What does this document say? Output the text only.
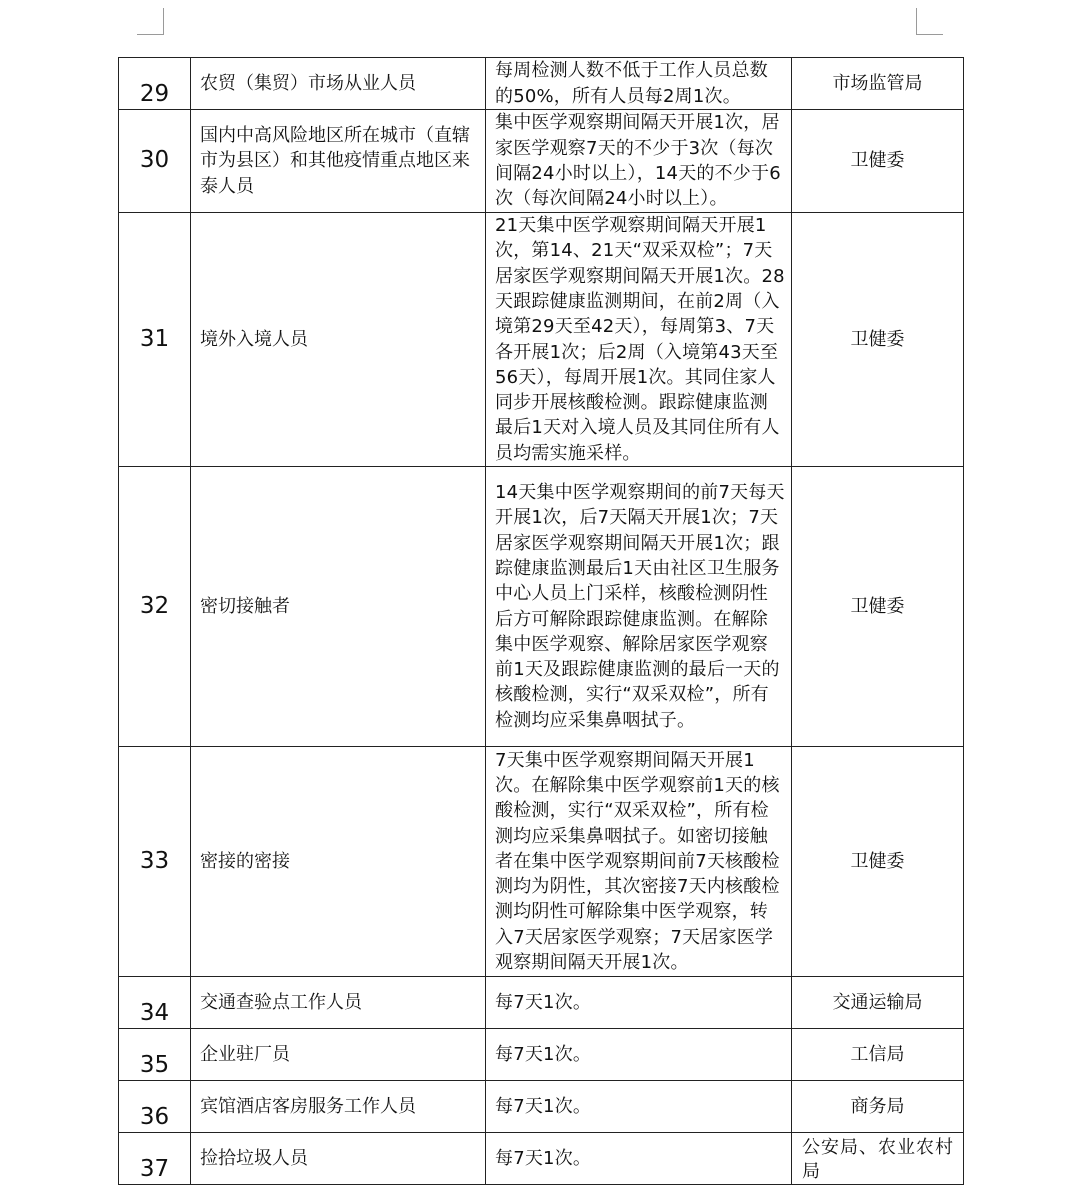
29	农贸（集贸）市场从业人员	每周检测人数不低于工作人员总数的50%，所有人员每2周1次。	市场监管局
30	国内中高风险地区所在城市（直辖市为县区）和其他疫情重点地区来泰人员	集中医学观察期间隔天开展1次，居家医学观察7天的不少于3次（每次间隔24小时以上），14天的不少于6次（每次间隔24小时以上）。	卫健委
31	境外入境人员	21天集中医学观察期间隔天开展1次，第14、21天“双采双检”；7天居家医学观察期间隔天开展1次。28天跟踪健康监测期间，在前2周（入境第29天至42天），每周第3、7天各开展1次；后2周（入境第43天至56天），每周开展1次。其同住家人同步开展核酸检测。跟踪健康监测最后1天对入境人员及其同住所有人员均需实施采样。	卫健委
32	密切接触者	14天集中医学观察期间的前7天每天开展1次，后7天隔天开展1次；7天居家医学观察期间隔天开展1次；跟踪健康监测最后1天由社区卫生服务中心人员上门采样，核酸检测阴性后方可解除跟踪健康监测。在解除集中医学观察、解除居家医学观察前1天及跟踪健康监测的最后一天的核酸检测，实行“双采双检”，所有检测均应采集鼻咽拭子。	卫健委
33	密接的密接	7天集中医学观察期间隔天开展1次。在解除集中医学观察前1天的核酸检测，实行“双采双检”，所有检测均应采集鼻咽拭子。如密切接触者在集中医学观察期间前7天核酸检测均为阴性，其次密接7天内核酸检测均阴性可解除集中医学观察，转入7天居家医学观察；7天居家医学观察期间隔天开展1次。	卫健委
34	交通查验点工作人员	每7天1次。	交通运输局
35	企业驻厂员	每7天1次。	工信局
36	宾馆酒店客房服务工作人员	每7天1次。	商务局
37	捡拾垃圾人员	每7天1次。	公安局、农业农村局
